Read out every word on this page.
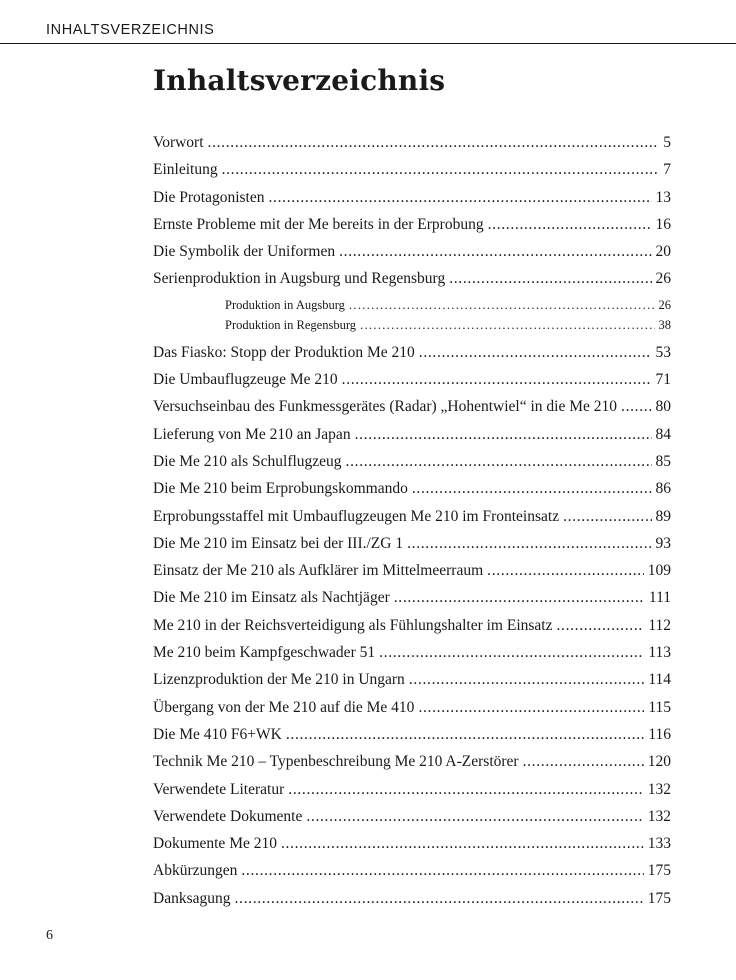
INHALTSVERZEICHNIS
Inhaltsverzeichnis
Vorwort . . .	5
Einleitung . . .	7
Die Protagonisten . . .	13
Ernste Probleme mit der Me bereits in der Erprobung . . .	16
Die Symbolik der Uniformen . . .	20
Serienproduktion in Augsburg und Regensburg . . .	26
Produktion in Augsburg . . .	26
Produktion in Regensburg . . .	38
Das Fiasko: Stopp der Produktion Me 210 . . .	53
Die Umbauflugzeuge Me 210 . . .	71
Versuchseinbau des Funkmessgerätes (Radar) „Hohentwiel“ in die Me 210 . . . 80
Lieferung von Me 210 an Japan . . .	84
Die Me 210 als Schulflugzeug . . .	85
Die Me 210 beim Erprobungskommando . . .	86
Erprobungsstaffel mit Umbauflugzeugen Me 210 im Fronteinsatz . . .	89
Die Me 210 im Einsatz bei der III./ZG 1 . . .	93
Einsatz der Me 210 als Aufklärer im Mittelmeerraum . . .	109
Die Me 210 im Einsatz als Nachtjäger . . .	111
Me 210 in der Reichsverteidigung als Fühlungshalter im Einsatz . . .	112
Me 210 beim Kampfgeschwader 51 . . .	113
Lizenzproduktion der Me 210 in Ungarn . . .	114
Übergang von der Me 210 auf die Me 410 . . .	115
Die Me 410 F6+WK . . .	116
Technik Me 210 – Typenbeschreibung Me 210 A-Zerstörer . . .	120
Verwendete Literatur . . .	132
Verwendete Dokumente . . .	132
Dokumente Me 210 . . .	133
Abkürzungen . . .	175
Danksagung . . .	175
6
